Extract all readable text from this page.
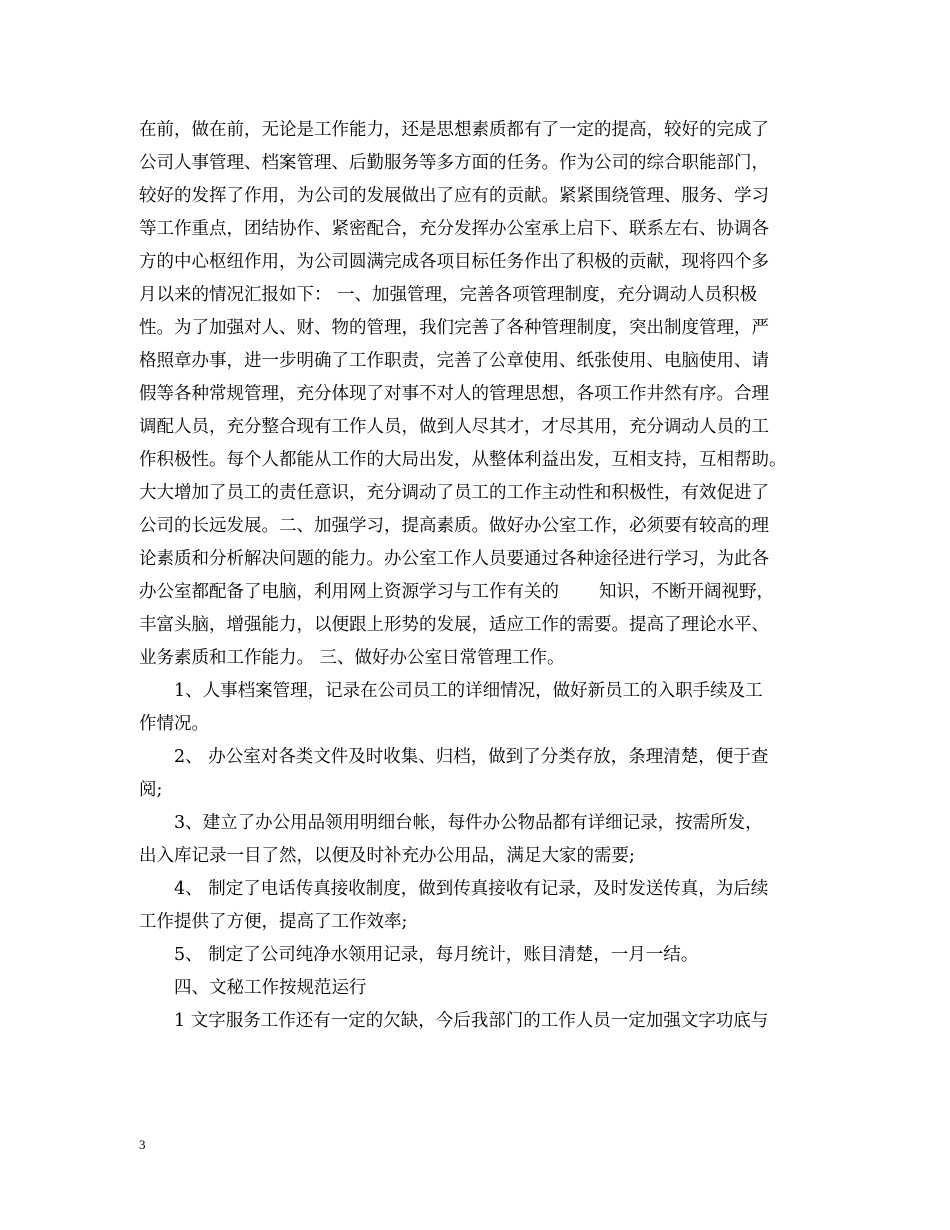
在前，做在前，无论是工作能力，还是思想素质都有了一定的提高，较好的完成了
公司人事管理、档案管理、后勤服务等多方面的任务。作为公司的综合职能部门，
较好的发挥了作用，为公司的发展做出了应有的贡献。紧紧围绕管理、服务、学习
等工作重点，团结协作、紧密配合，充分发挥办公室承上启下、联系左右、协调各
方的中心枢纽作用，为公司圆满完成各项目标任务作出了积极的贡献，现将四个多
月以来的情况汇报如下： 一、加强管理，完善各项管理制度，充分调动人员积极
性。为了加强对人、财、物的管理，我们完善了各种管理制度，突出制度管理，严
格照章办事，进一步明确了工作职责，完善了公章使用、纸张使用、电脑使用、请
假等各种常规管理，充分体现了对事不对人的管理思想，各项工作井然有序。合理
调配人员，充分整合现有工作人员，做到人尽其才，才尽其用，充分调动人员的工
作积极性。每个人都能从工作的大局出发，从整体利益出发，互相支持，互相帮助。
大大增加了员工的责任意识，充分调动了员工的工作主动性和积极性，有效促进了
公司的长远发展。二、加强学习，提高素质。做好办公室工作，必须要有较高的理
论素质和分析解决问题的能力。办公室工作人员要通过各种途径进行学习，为此各
办公室都配备了电脑，利用网上资源学习与工作有关的 知识，不断开阔视野，
丰富头脑，增强能力，以便跟上形势的发展，适应工作的需要。提高了理论水平、
业务素质和工作能力。 三、做好办公室日常管理工作。
1、人事档案管理，记录在公司员工的详细情况，做好新员工的入职手续及工
作情况。
2、 办公室对各类文件及时收集、归档，做到了分类存放，条理清楚，便于查
阅;
3、建立了办公用品领用明细台帐，每件办公物品都有详细记录，按需所发，
出入库记录一目了然，以便及时补充办公用品，满足大家的需要;
4、 制定了电话传真接收制度，做到传真接收有记录，及时发送传真，为后续
工作提供了方便，提高了工作效率;
5、 制定了公司纯净水领用记录，每月统计，账目清楚，一月一结。
四、文秘工作按规范运行
1 文字服务工作还有一定的欠缺，今后我部门的工作人员一定加强文字功底与
3
